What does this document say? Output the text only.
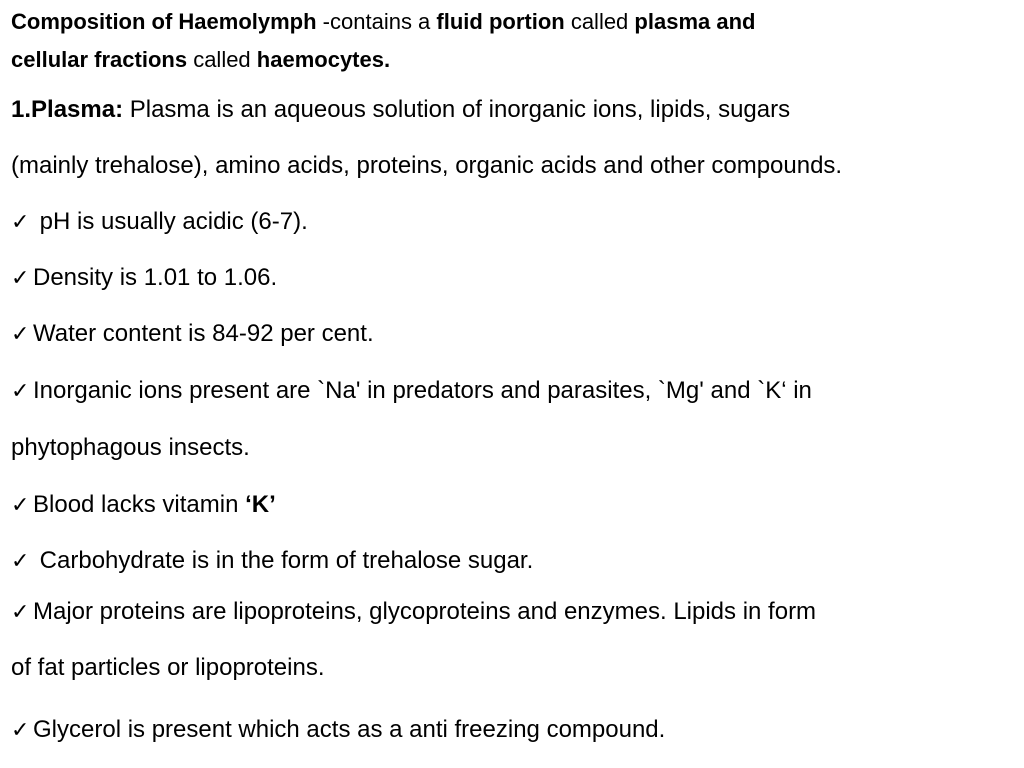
Composition of Haemolymph -contains a fluid portion called plasma and
cellular fractions called haemocytes.
1.Plasma: Plasma is an aqueous solution of inorganic ions, lipids, sugars
(mainly trehalose), amino acids, proteins, organic acids and other compounds.
✓ pH is usually acidic (6-7).
✓ Density is 1.01 to 1.06.
✓ Water content is 84-92 per cent.
✓ Inorganic ions present are `Na' in predators and parasites, `Mg' and `K‘ in
phytophagous insects.
✓ Blood lacks vitamin ‘K’
✓ Carbohydrate is in the form of trehalose sugar.
✓ Major proteins are lipoproteins, glycoproteins and enzymes. Lipids in form
of fat particles or lipoproteins.
✓ Glycerol is present which acts as a anti freezing compound.
